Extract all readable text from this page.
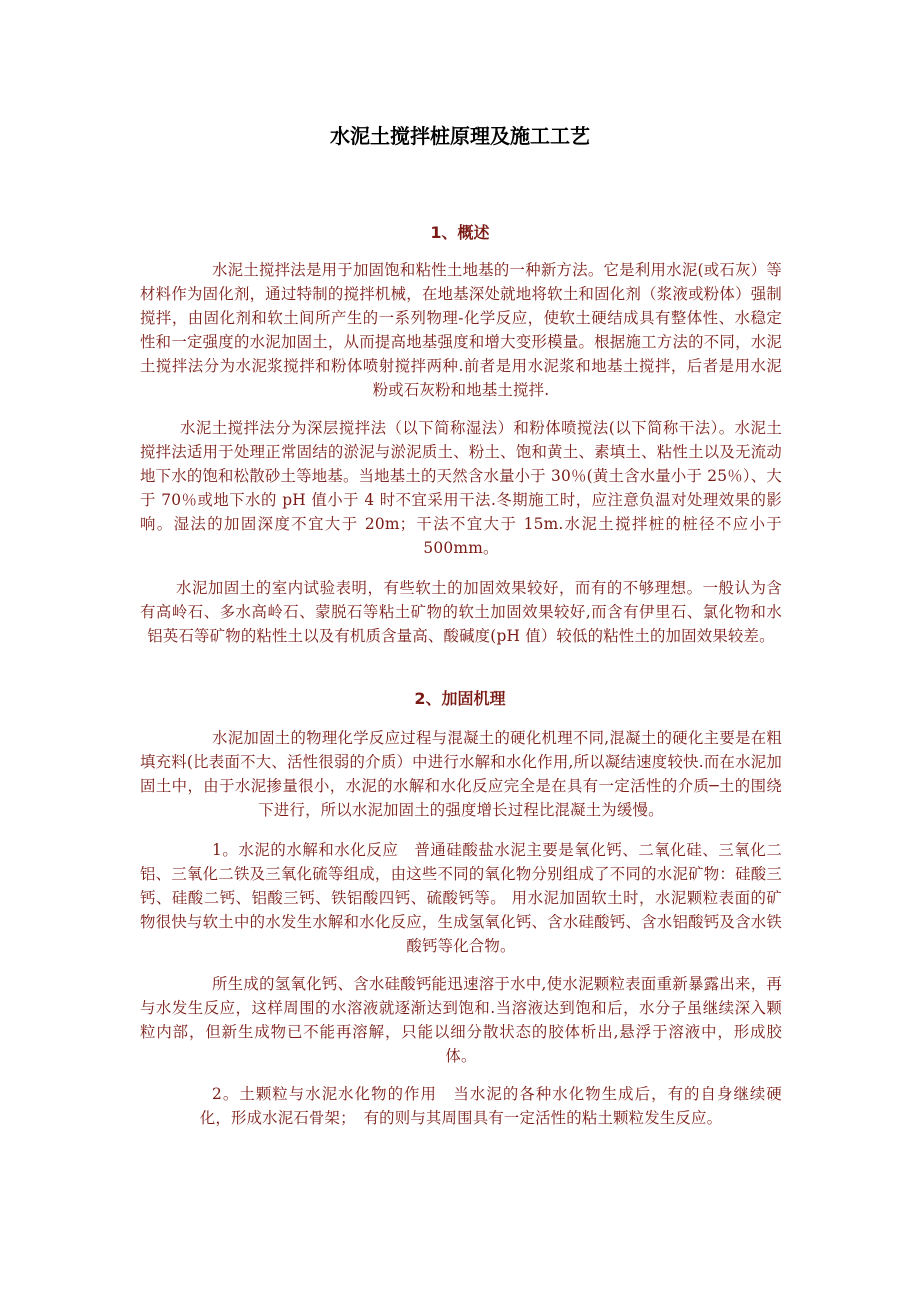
水泥土搅拌桩原理及施工工艺
1、概述

水泥土搅拌法是用于加固饱和粘性土地基的一种新方法。它是利用水泥(或石灰）等材料作为固化剂，通过特制的搅拌机械，在地基深处就地将软土和固化剂（浆液或粉体）强制搅拌，由固化剂和软土间所产生的一系列物理-化学反应，使软土硬结成具有整体性、水稳定性和一定强度的水泥加固土，从而提高地基强度和增大变形模量。根据施工方法的不同，水泥土搅拌法分为水泥浆搅拌和粉体喷射搅拌两种.前者是用水泥浆和地基土搅拌，后者是用水泥粉或石灰粉和地基土搅拌.

水泥土搅拌法分为深层搅拌法（以下简称湿法）和粉体喷搅法(以下简称干法）。水泥土搅拌法适用于处理正常固结的淤泥与淤泥质土、粉土、饱和黄土、素填土、粘性土以及无流动地下水的饱和松散砂土等地基。当地基土的天然含水量小于 30％(黄土含水量小于 25％）、大于 70％或地下水的 pH 值小于 4 时不宜采用干法.冬期施工时，应注意负温对处理效果的影响。湿法的加固深度不宜大于 20m；干法不宜大于 15m.水泥土搅拌桩的桩径不应小于 500mm。

水泥加固土的室内试验表明，有些软土的加固效果较好，而有的不够理想。一般认为含有高岭石、多水高岭石、蒙脱石等粘土矿物的软土加固效果较好,而含有伊里石、氯化物和水铝英石等矿物的粘性土以及有机质含量高、酸碱度(pH 值）较低的粘性土的加固效果较差。

2、加固机理

水泥加固土的物理化学反应过程与混凝土的硬化机理不同,混凝土的硬化主要是在粗填充料(比表面不大、活性很弱的介质）中进行水解和水化作用,所以凝结速度较快.而在水泥加固土中，由于水泥掺量很小，水泥的水解和水化反应完全是在具有一定活性的介质─土的围绕下进行，所以水泥加固土的强度增长过程比混凝土为缓慢。

1。水泥的水解和水化反应　普通硅酸盐水泥主要是氧化钙、二氧化硅、三氧化二铝、三氧化二铁及三氧化硫等组成，由这些不同的氧化物分别组成了不同的水泥矿物：硅酸三钙、硅酸二钙、铝酸三钙、铁铝酸四钙、硫酸钙等。 用水泥加固软土时，水泥颗粒表面的矿物很快与软土中的水发生水解和水化反应，生成氢氧化钙、含水硅酸钙、含水铝酸钙及含水铁酸钙等化合物。

所生成的氢氧化钙、含水硅酸钙能迅速溶于水中,使水泥颗粒表面重新暴露出来，再与水发生反应，这样周围的水溶液就逐渐达到饱和.当溶液达到饱和后，水分子虽继续深入颗粒内部，但新生成物已不能再溶解，只能以细分散状态的胶体析出,悬浮于溶液中，形成胶体。

2。土颗粒与水泥水化物的作用　当水泥的各种水化物生成后，有的自身继续硬化，形成水泥石骨架；　有的则与其周围具有一定活性的粘土颗粒发生反应。
